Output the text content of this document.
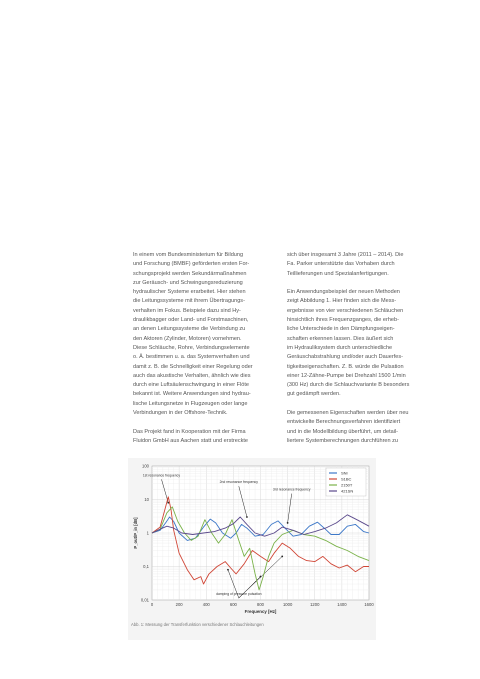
In einem vom Bundesministerium für Bildung
und Forschung (BMBF) geförderten ersten For-
schungsprojekt werden Sekundärmaßnahmen
zur Geräusch- und Schwingungsreduzierung
hydraulischer Systeme erarbeitet. Hier stehen
die Leitungssysteme mit ihrem Übertragungs-
verhalten im Fokus. Beispiele dazu sind Hy-
draulikbagger oder Land- und Forstmaschinen,
an denen Leitungssysteme die Verbindung zu
den Aktoren (Zylinder, Motoren) vornehmen.
Diese Schläuche, Rohre, Verbindungselemente
o. Ä. bestimmen u. a. das Systemverhalten und
damit z. B. die Schnelligkeit einer Regelung oder
auch das akustische Verhalten, ähnlich wie dies
durch eine Luftsäulenschwingung in einer Flöte
bekannt ist. Weitere Anwendungen sind hydrau-
lische Leitungsnetze in Flugzeugen oder lange
Verbindungen in der Offshore-Technik.

Das Projekt fand in Kooperation mit der Firma
Fluidon GmbH aus Aachen statt und erstreckte

sich über insgesamt 3 Jahre (2011 – 2014). Die
Fa. Parker unterstützte das Vorhaben durch
Teillieferungen und Spezialanfertigungen.

Ein Anwendungsbeispiel der neuen Methoden
zeigt Abbildung 1. Hier finden sich die Mess-
ergebnisse von vier verschiedenen Schläuchen
hinsichtlich ihres Frequenzganges, die erheb-
liche Unterschiede in den Dämpfungseigen-
schaften erkennen lassen. Dies äußert sich
im Hydrauliksystem durch unterschiedliche
Geräuschabstrahlung und/oder auch Dauerfes-
tigkeitseigenschaften. Z. B. würde die Pulsation
einer 12-Zähne-Pumpe bei Drehzahl 1500 1/min
(300 Hz) durch die Schlauchvariante B besonders
gut gedämpft werden.

Die gemessenen Eigenschaften werden über neu
entwickelte Berechnungsverfahren identifiziert
und in die Modellbildung überführt, um detail-
liertere Systemberechnungen durchführen zu

100
10
1
0,1
0,01
0	200	400	600	800	1000	1200	1400	1600
Frequency [Hz]
P_out/P_in [dB]
1st resonance frequency
2nd resonance frequency
3rd resonance frequency
damping of pressure pulsation
SNI
S1BC
2150T
421SN
Abb. 1: Messung der Transferfunktion verschiedener Schlauchleitungen
